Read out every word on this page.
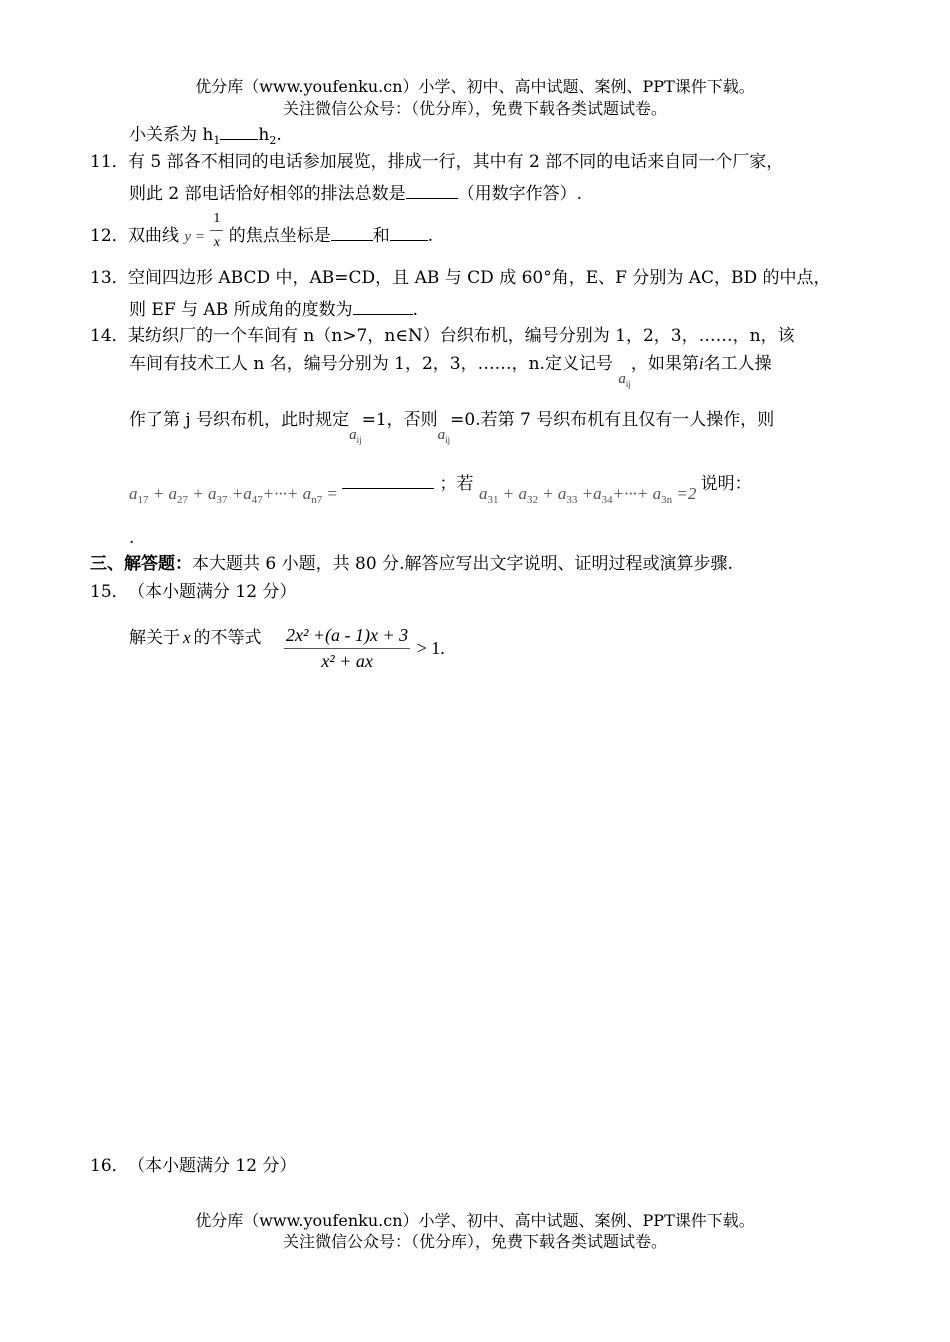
优分库（www.youfenku.cn）小学、初中、高中试题、案例、PPT课件下载。
关注微信公众号：（优分库），免费下载各类试题试卷。
小关系为 $h_1$ $h_2$.
11．有 5 部各不相同的电话参加展览，排成一行，其中有 2 部不同的电话来自同一个厂家，
则此 2 部电话恰好相邻的排法总数是	（用数字作答）.
12．双曲线 $y = \frac{1}{x}$ 的焦点坐标是 和 .
13．空间四边形 ABCD 中，AB=CD，且 AB 与 CD 成 60°角，E、F 分别为 AC，BD 的中点，
则 EF 与 AB 所成角的度数为	.
14．某纺织厂的一个车间有 n（n>7，n∈N）台织布机，编号分别为 1，2，3，……，n，该
车间有技术工人 n 名，编号分别为 1，2，3，……，n.定义记号 $a_{ij}$，如果第i名工人操
作了第 j 号织布机，此时规定$a_{ij}=1$，否则$a_{ij}=0$.若第 7 号织布机有且仅有一人操作，则
$a_{17} + a_{27} + a_{37} +a_{47}+\cdot\cdot\cdot+ a_{n7}$ =	；若 $a_{31} + a_{32} + a_{33} +a_{34}+\cdot\cdot\cdot+ a_{3n} =2$ 说明：
.
三、解答题：本大题共 6 小题，共 80 分.解答应写出文字说明、证明过程或演算步骤.
15．（本小题满分 12 分）
解关于 x 的不等式 $\frac{\text{2x² +(a - 1)x + 3}}{\text{x² + ax}} > 1$.
16．（本小题满分 12 分）
优分库（www.youfenku.cn）小学、初中、高中试题、案例、PPT课件下载。
关注微信公众号：（优分库），免费下载各类试题试卷。
